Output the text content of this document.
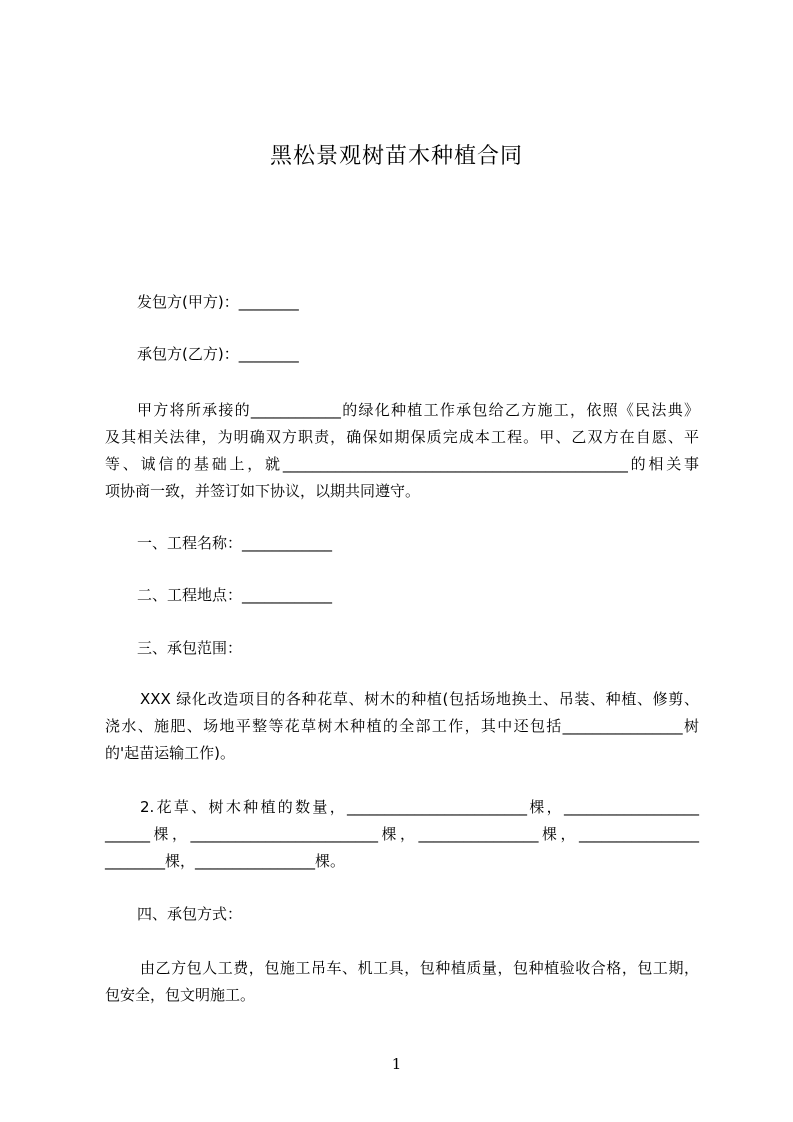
黑松景观树苗木种植合同
发包方(甲方)：________
承包方(乙方)：________
甲方将所承接的____________的绿化种植工作承包给乙方施工，依照《民法典》
及其相关法律，为明确双方职责，确保如期保质完成本工程。甲、乙双方在自愿、平
等、诚信的基础上，就______________________________________________的相关事
项协商一致，并签订如下协议，以期共同遵守。
一、工程名称：____________
二、工程地点：____________
三、承包范围：
XXX 绿化改造项目的各种花草、树木的种植(包括场地换土、吊装、种植、修剪、
浇水、施肥、场地平整等花草树木种植的全部工作，其中还包括________________树
的'起苗运输工作)。
2.花草、树木种植的数量，________________________棵，__________________
______棵，_________________________棵，________________棵，________________
________棵，________________棵。
四、承包方式：
由乙方包人工费，包施工吊车、机工具，包种植质量，包种植验收合格，包工期，
包安全，包文明施工。
1
